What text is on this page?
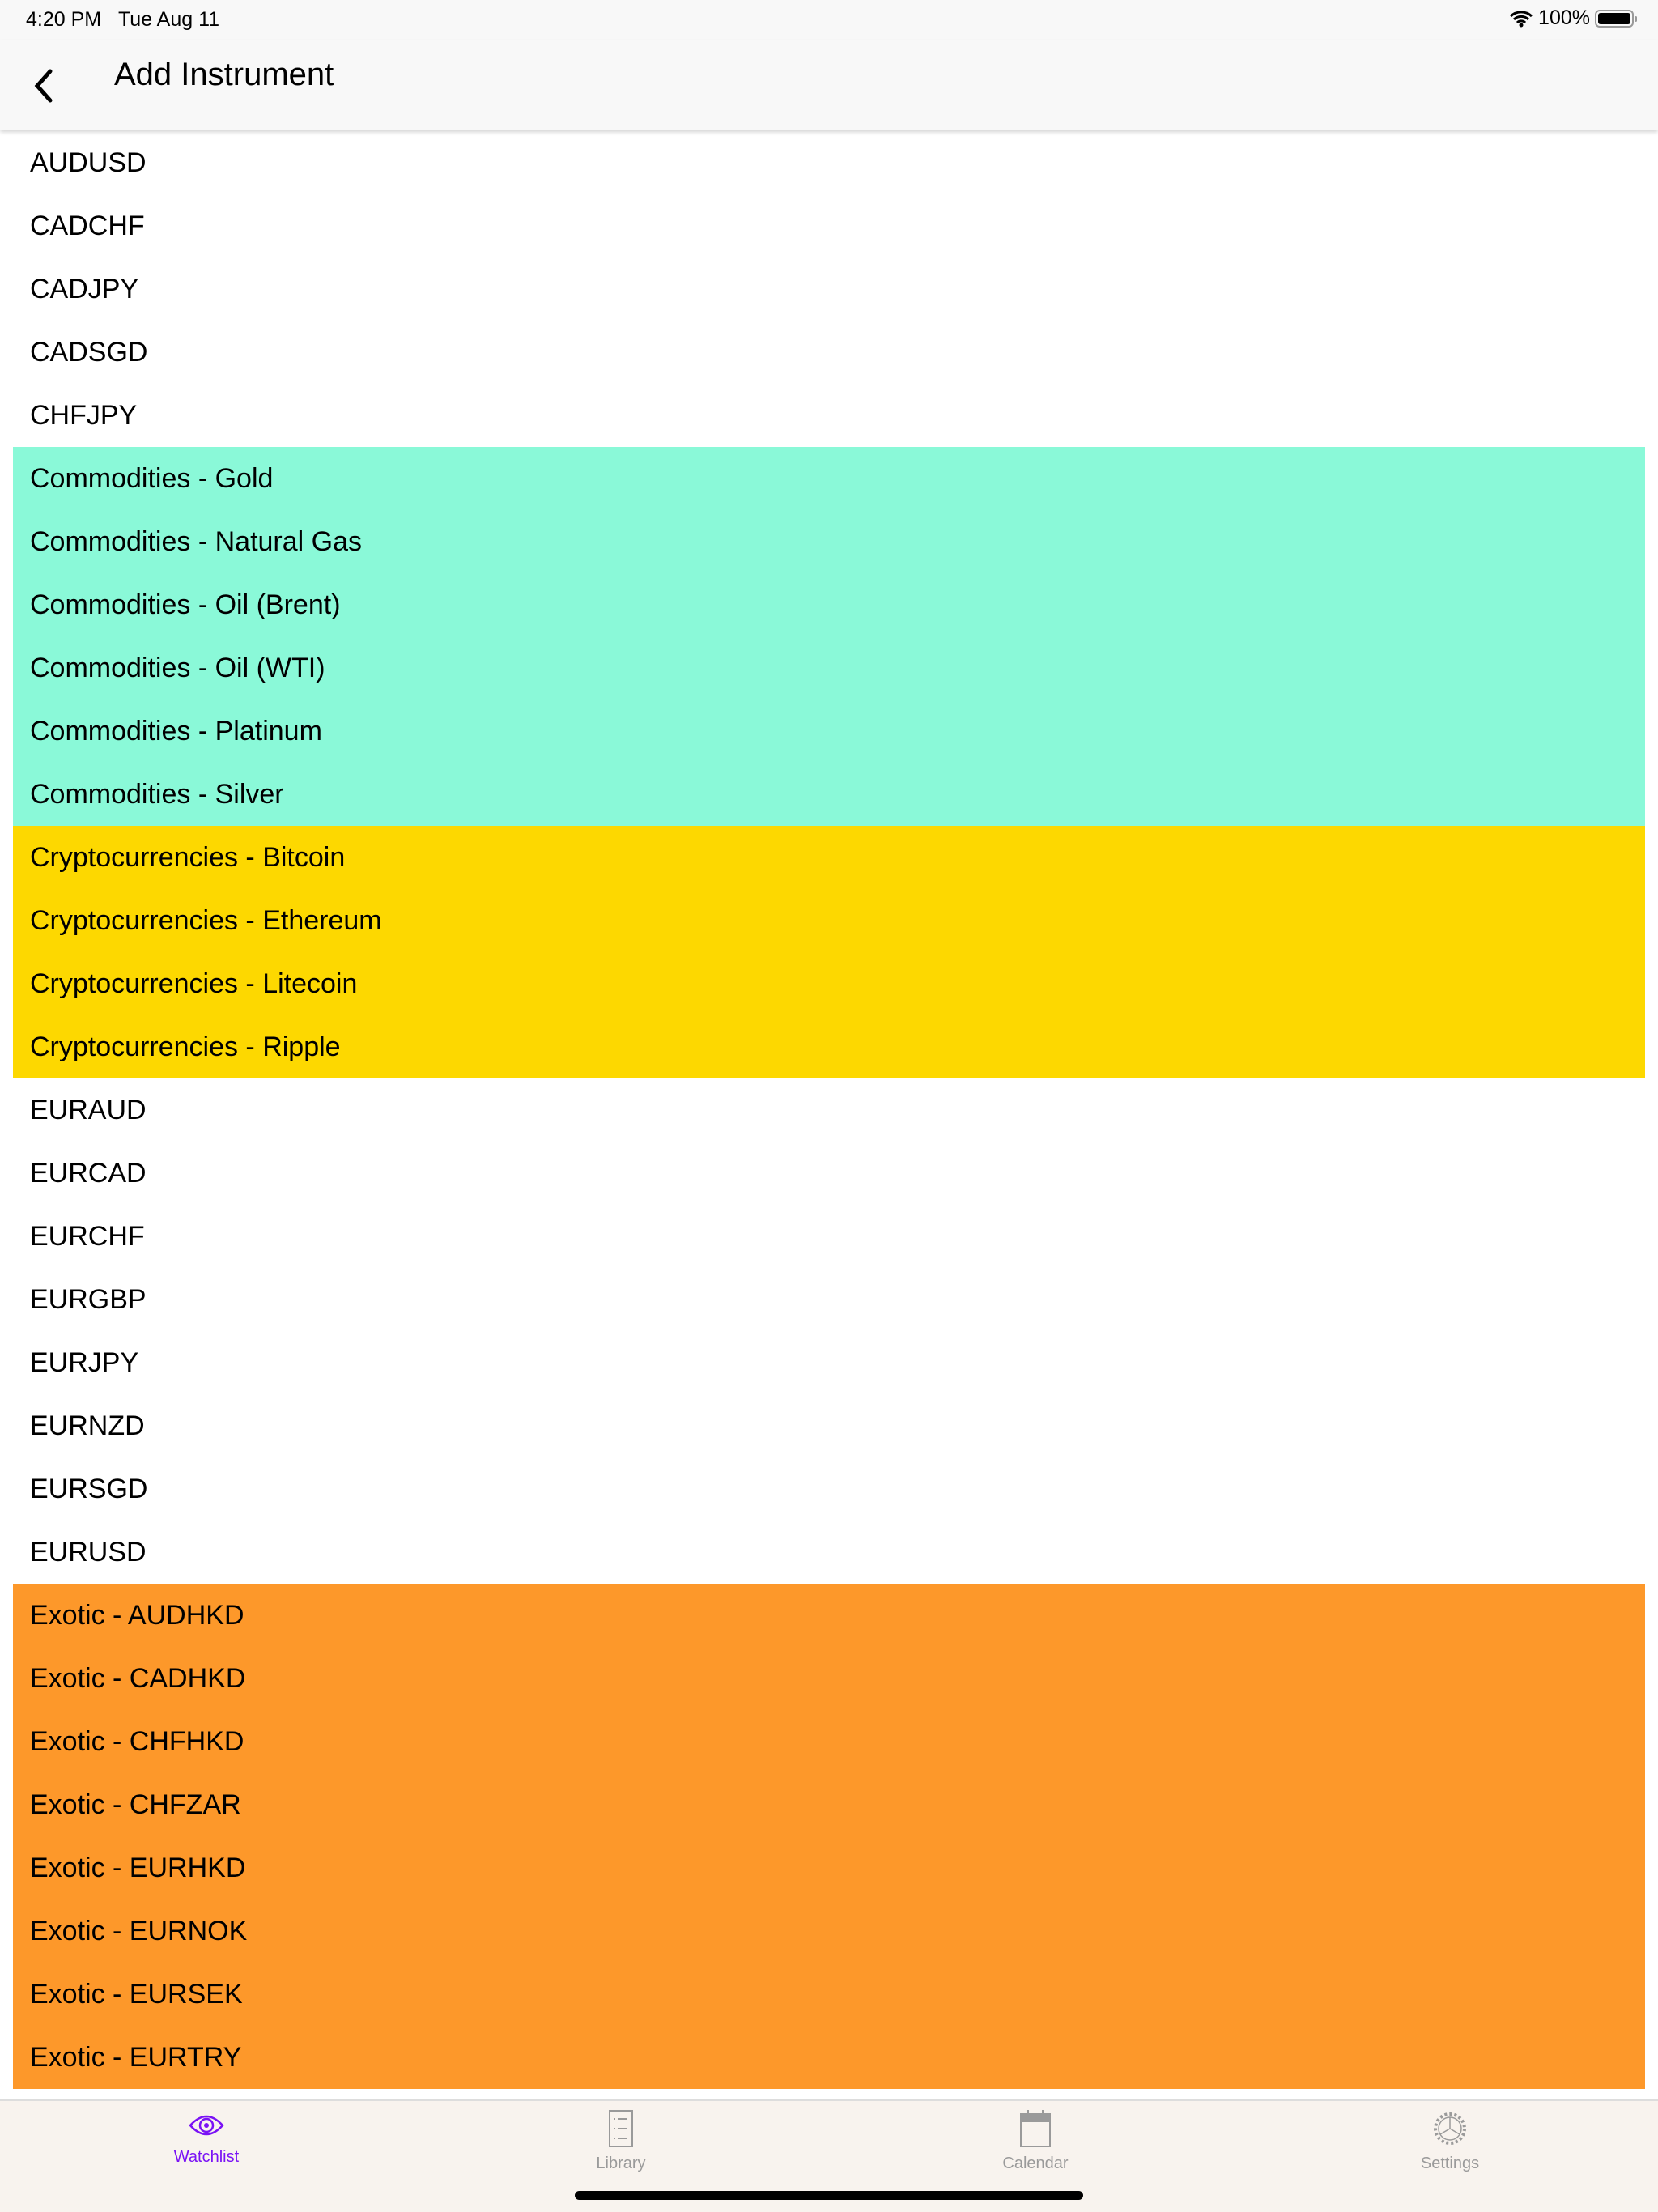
4:20 PM Tue Aug 11	100%
Add Instrument
AUDUSD
CADCHF
CADJPY
CADSGD
CHFJPY
Commodities - Gold
Commodities - Natural Gas
Commodities - Oil (Brent)
Commodities - Oil (WTI)
Commodities - Platinum
Commodities - Silver
Cryptocurrencies - Bitcoin
Cryptocurrencies - Ethereum
Cryptocurrencies - Litecoin
Cryptocurrencies - Ripple
EURAUD
EURCAD
EURCHF
EURGBP
EURJPY
EURNZD
EURSGD
EURUSD
Exotic - AUDHKD
Exotic - CADHKD
Exotic - CHFHKD
Exotic - CHFZAR
Exotic - EURHKD
Exotic - EURNOK
Exotic - EURSEK
Exotic - EURTRY
Watchlist	Library	Calendar	Settings
